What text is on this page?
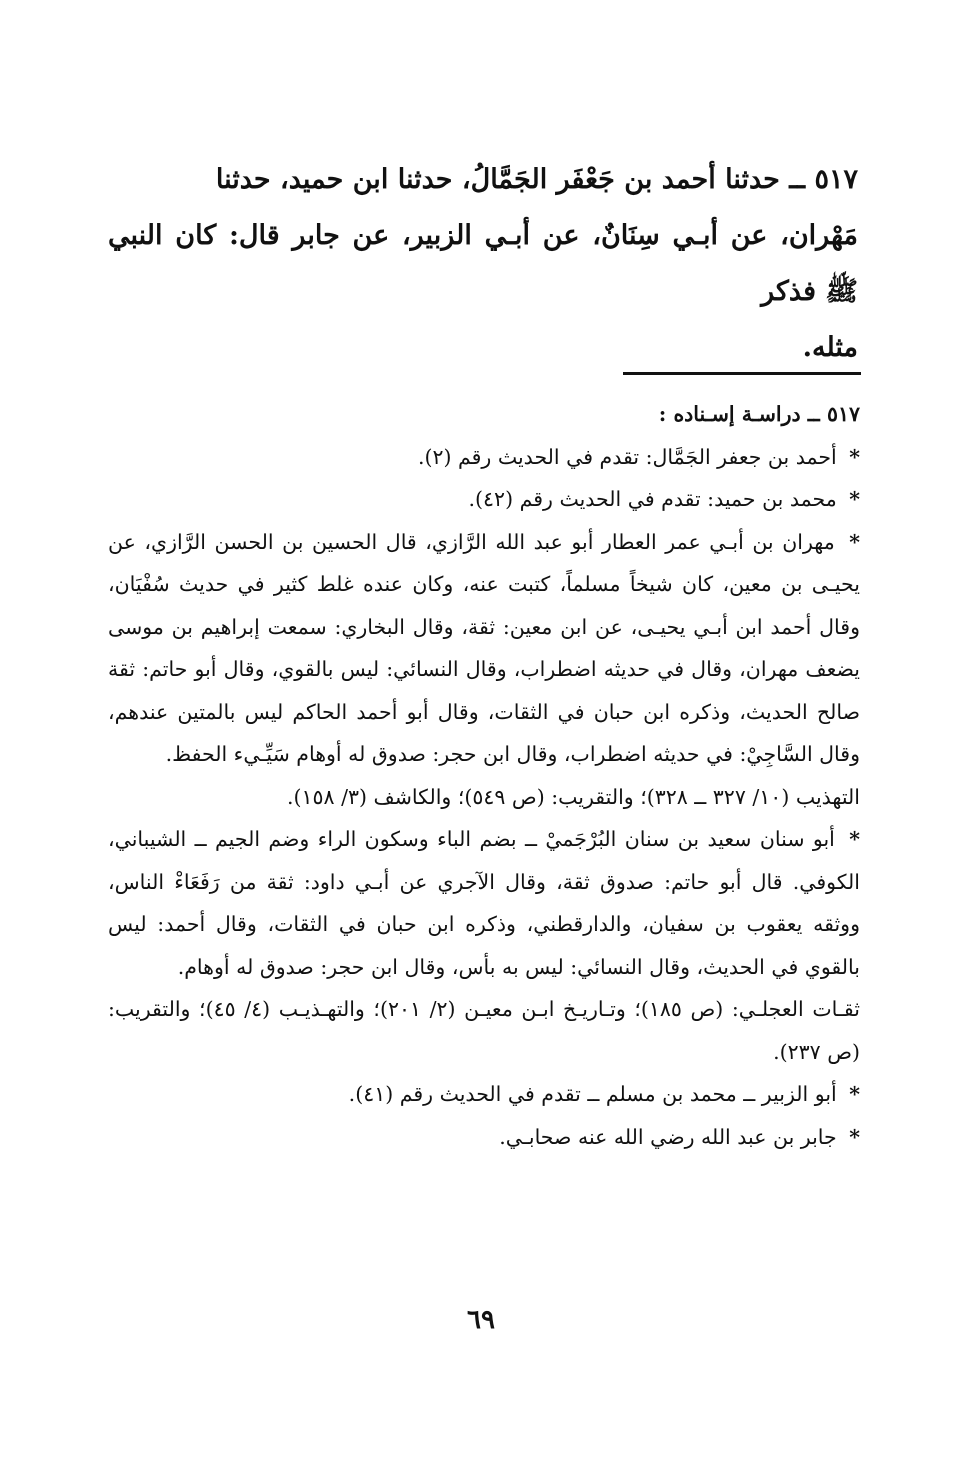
٥١٧ ــ حدثنا أحمد بن جَعْفَر الجَمَّالُ، حدثنا ابن حميد، حدثنا
مَهْران، عن أبـي سِنَانٌ، عن أبـي الزبير، عن جابر قال: كان النبي ﷺ فذكر
مثله.

٥١٧ ــ دراسـة إسـناده :

* أحمد بن جعفر الجَمَّال: تقدم في الحديث رقم (٢).

* محمد بن حميد: تقدم في الحديث رقم (٤٢).

* مهران بن أبـي عمر العطار أبو عبد الله الرَّازي، قال الحسين بن الحسن الرَّازي، عن يحيـى بن معين، كان شيخاً مسلماً، كتبت عنه، وكان عنده غلط كثير في حديث سُفْيَان، وقال أحمد ابن أبـي يحيـى، عن ابن معين: ثقة، وقال البخاري: سمعت إبراهيم بن موسى يضعف مهران، وقال في حديثه اضطراب، وقال النسائي: ليس بالقوي، وقال أبو حاتم: ثقة صالح الحديث، وذكره ابن حبان في الثقات، وقال أبو أحمد الحاكم ليس بالمتين عندهم، وقال السَّاجِيْ: في حديثه اضطراب، وقال ابن حجر: صدوق له أوهام سَيِّـيء الحفظ.

التهذيب (١٠/ ٣٢٧ ــ ٣٢٨)؛ والتقريب: (ص ٥٤٩)؛ والكاشف (٣/ ١٥٨).

* أبو سنان سعيد بن سنان البُرْجَميْ ــ بضم الباء وسكون الراء وضم الجيم ــ الشيباني، الكوفي. قال أبو حاتم: صدوق ثقة، وقال الآجري عن أبـي داود: ثقة من رَفَعَاءْ الناس، ووثقه يعقوب بن سفيان، والدارقطني، وذكره ابن حبان في الثقات، وقال أحمد: ليس بالقوي في الحديث، وقال النسائي: ليس به بأس، وقال ابن حجر: صدوق له أوهام.

ثقـات العجلـي: (ص ١٨٥)؛ وتـاريـخ ابـن معيـن (٢/ ٢٠١)؛ والتهـذيـب (٤/ ٤٥)؛ والتقريب: (ص ٢٣٧).

* أبو الزبير ــ محمد بن مسلم ــ تقدم في الحديث رقم (٤١).

* جابر بن عبد الله رضي الله عنه صحابـي.

٦٩
